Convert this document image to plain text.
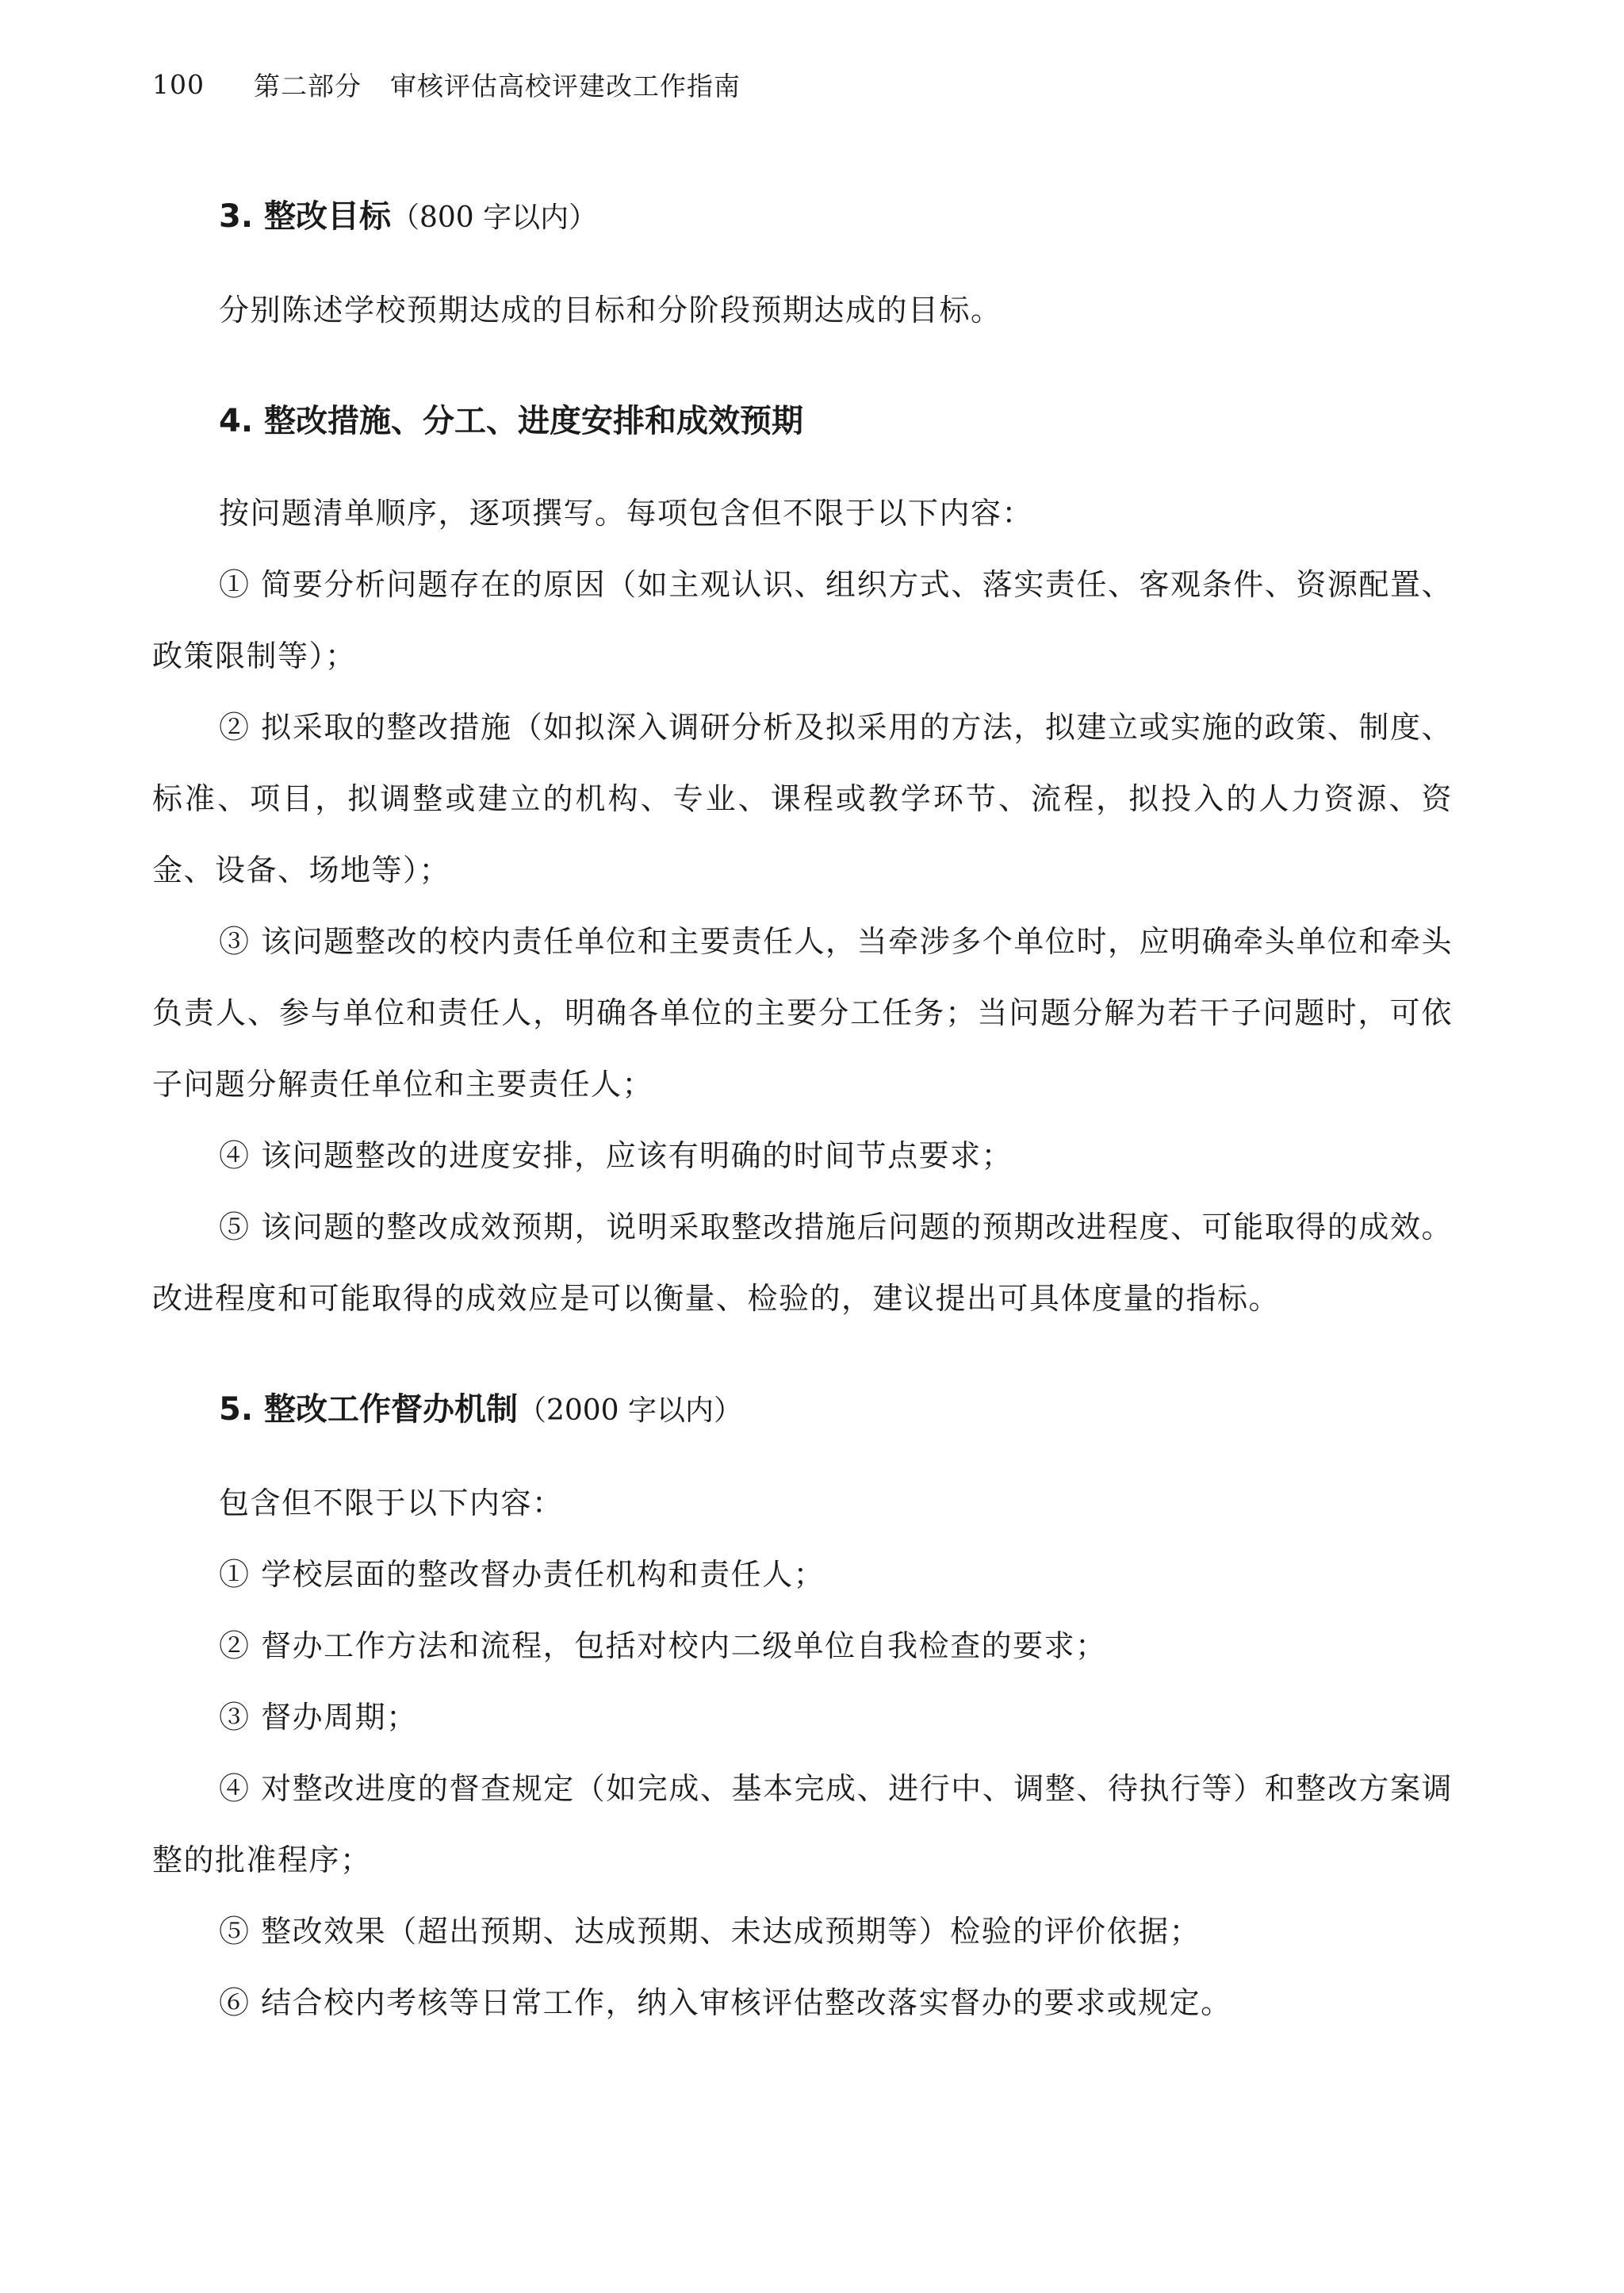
100	第二部分 审核评估高校评建改工作指南
3. 整改目标（800 字以内）

分别陈述学校预期达成的目标和分阶段预期达成的目标。

4. 整改措施、分工、进度安排和成效预期

按问题清单顺序，逐项撰写。每项包含但不限于以下内容：

① 简要分析问题存在的原因（如主观认识、组织方式、落实责任、客观条件、资源配置、政策限制等）；

② 拟采取的整改措施（如拟深入调研分析及拟采用的方法，拟建立或实施的政策、制度、标准、项目，拟调整或建立的机构、专业、课程或教学环节、流程，拟投入的人力资源、资金、设备、场地等）；

③ 该问题整改的校内责任单位和主要责任人，当牵涉多个单位时，应明确牵头单位和牵头负责人、参与单位和责任人，明确各单位的主要分工任务；当问题分解为若干子问题时，可依子问题分解责任单位和主要责任人；

④ 该问题整改的进度安排，应该有明确的时间节点要求；

⑤ 该问题的整改成效预期，说明采取整改措施后问题的预期改进程度、可能取得的成效。改进程度和可能取得的成效应是可以衡量、检验的，建议提出可具体度量的指标。

5. 整改工作督办机制（2000 字以内）

包含但不限于以下内容：

① 学校层面的整改督办责任机构和责任人；

② 督办工作方法和流程，包括对校内二级单位自我检查的要求；

③ 督办周期；

④ 对整改进度的督查规定（如完成、基本完成、进行中、调整、待执行等）和整改方案调整的批准程序；

⑤ 整改效果（超出预期、达成预期、未达成预期等）检验的评价依据；

⑥ 结合校内考核等日常工作，纳入审核评估整改落实督办的要求或规定。
